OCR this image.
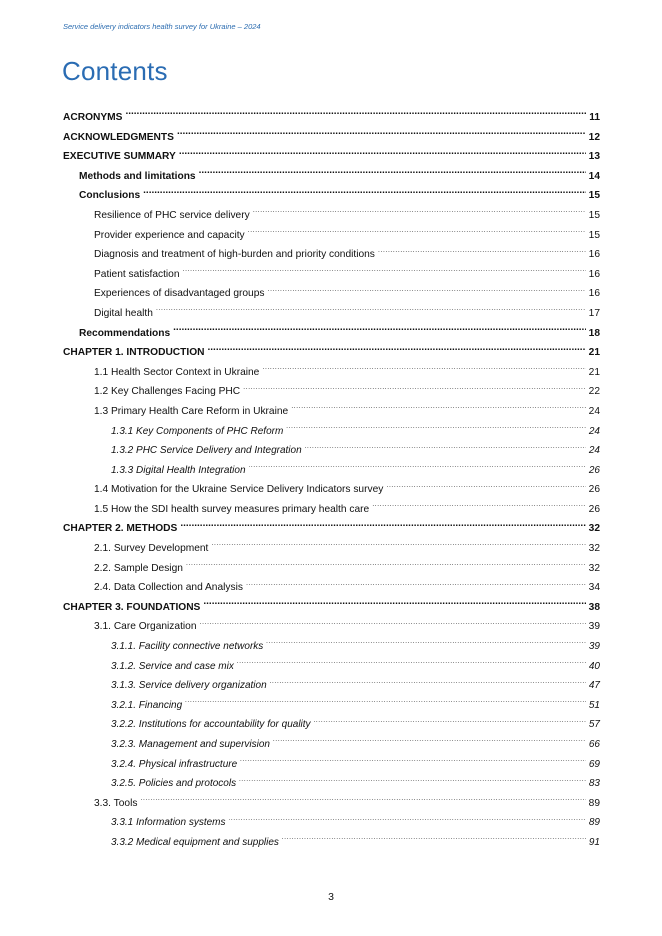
Service delivery indicators health survey for Ukraine – 2024
Contents
ACRONYMS .....	11
ACKNOWLEDGMENTS .....	12
EXECUTIVE SUMMARY .....	13
Methods and limitations .....	14
Conclusions .....	15
Resilience of PHC service delivery .....	15
Provider experience and capacity .....	15
Diagnosis and treatment of high-burden and priority conditions .....	16
Patient satisfaction .....	16
Experiences of disadvantaged groups .....	16
Digital health .....	17
Recommendations .....	18
CHAPTER 1. INTRODUCTION .....	21
1.1 Health Sector Context in Ukraine .....	21
1.2 Key Challenges Facing PHC .....	22
1.3 Primary Health Care Reform in Ukraine .....	24
1.3.1 Key Components of PHC Reform .....	24
1.3.2 PHC Service Delivery and Integration .....	24
1.3.3 Digital Health Integration .....	26
1.4 Motivation for the Ukraine Service Delivery Indicators survey .....	26
1.5 How the SDI health survey measures primary health care .....	26
CHAPTER 2. METHODS .....	32
2.1. Survey Development .....	32
2.2. Sample Design .....	32
2.4. Data Collection and Analysis .....	34
CHAPTER 3. FOUNDATIONS .....	38
3.1. Care Organization .....	39
3.1.1. Facility connective networks .....	39
3.1.2. Service and case mix .....	40
3.1.3. Service delivery organization .....	47
3.2.1. Financing .....	51
3.2.2. Institutions for accountability for quality .....	57
3.2.3. Management and supervision .....	66
3.2.4. Physical infrastructure .....	69
3.2.5. Policies and protocols .....	83
3.3. Tools .....	89
3.3.1 Information systems .....	89
3.3.2 Medical equipment and supplies .....	91
3
